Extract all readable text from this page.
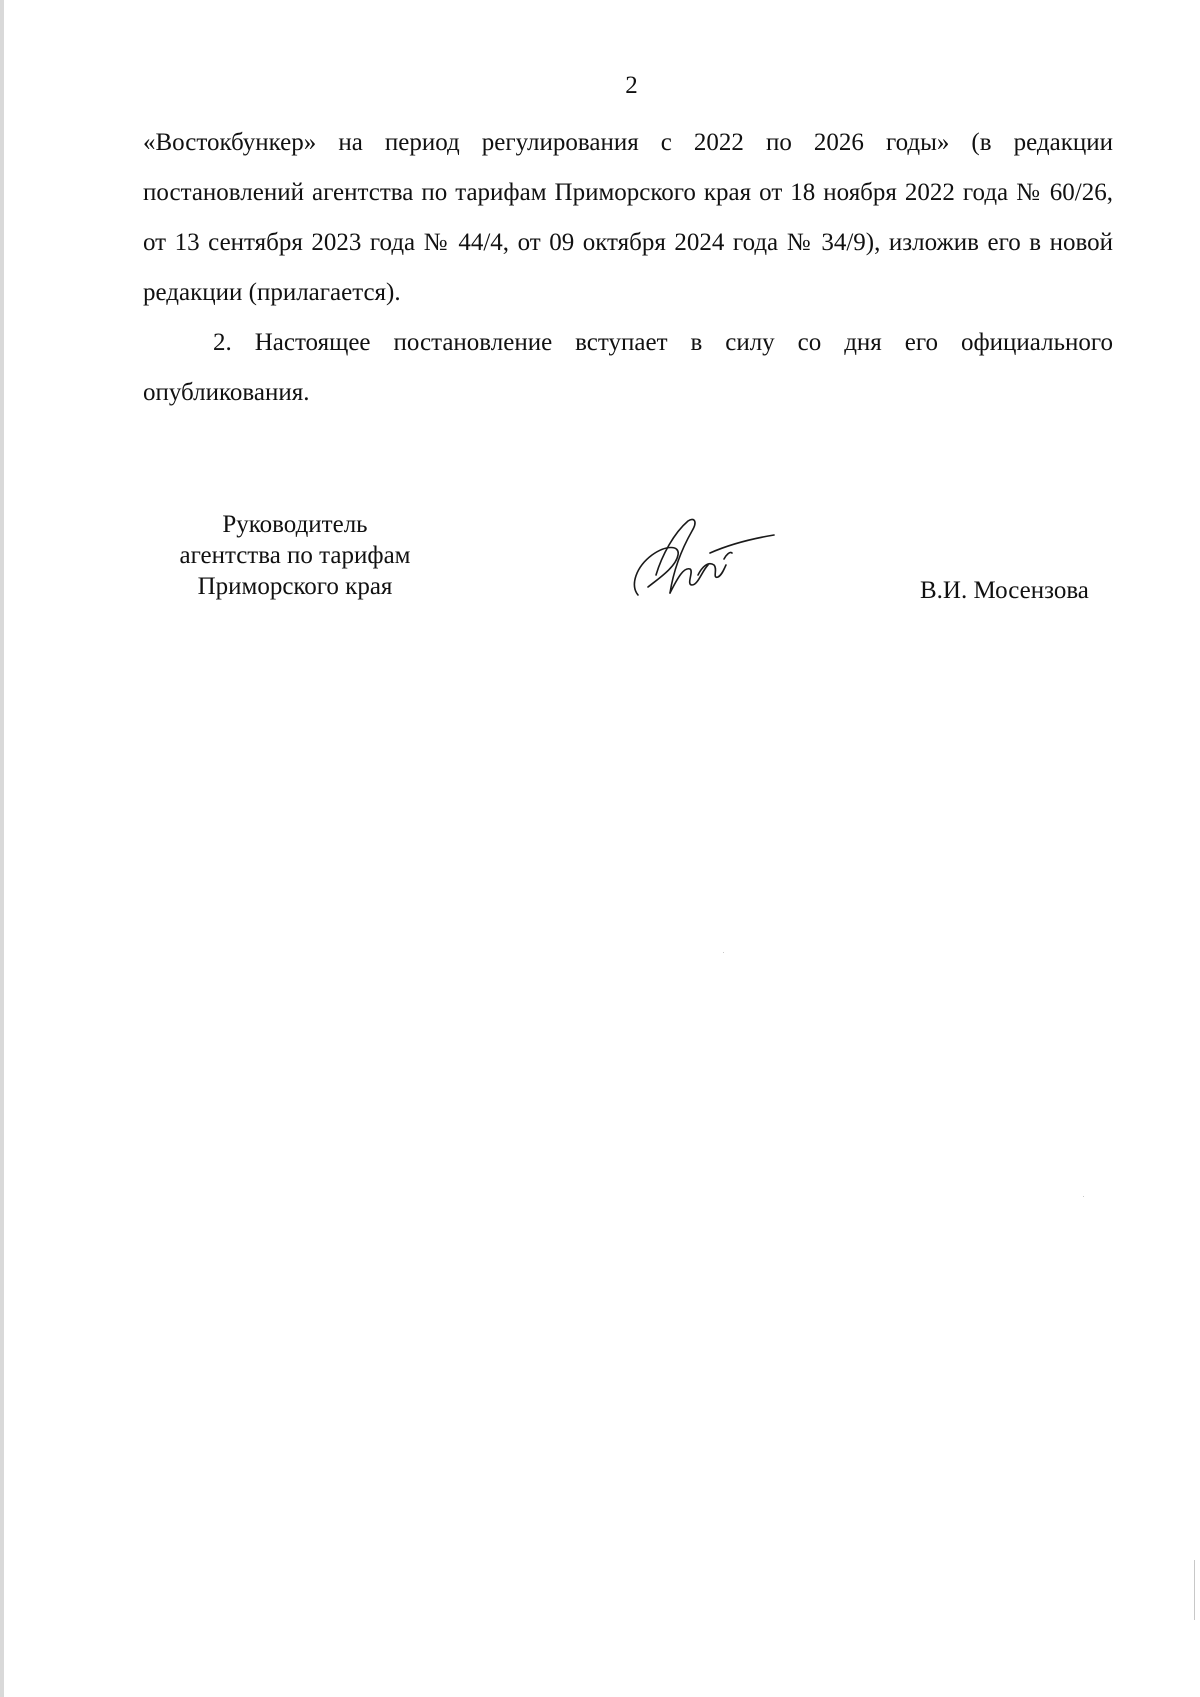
2

«Востокбункер» на период регулирования с 2022 по 2026 годы» (в редакции постановлений агентства по тарифам Приморского края от 18 ноября 2022 года № 60/26, от 13 сентября 2023 года № 44/4, от 09 октября 2024 года № 34/9), изложив его в новой редакции (прилагается).

2. Настоящее постановление вступает в силу со дня его официального опубликования.

Руководитель
агентства по тарифам
Приморского края	В.И. Мосензова
